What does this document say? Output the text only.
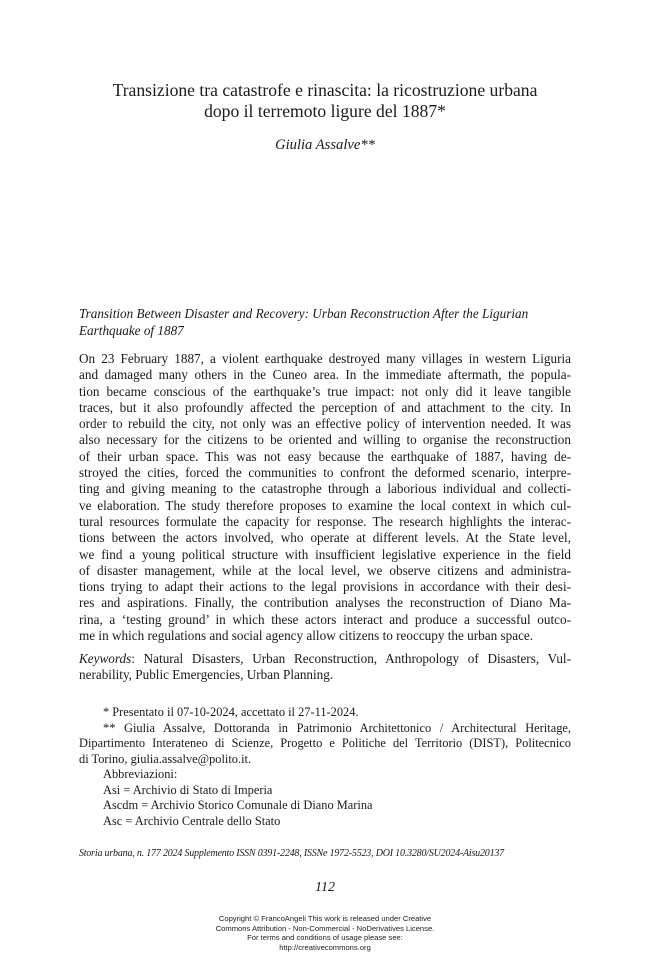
Transizione tra catastrofe e rinascita: la ricostruzione urbana
dopo il terremoto ligure del 1887*
Giulia Assalve**
Transition Between Disaster and Recovery: Urban Reconstruction After the Ligurian
Earthquake of 1887
On 23 February 1887, a violent earthquake destroyed many villages in western Liguria
and damaged many others in the Cuneo area. In the immediate aftermath, the popula-
tion became conscious of the earthquake’s true impact: not only did it leave tangible
traces, but it also profoundly affected the perception of and attachment to the city. In
order to rebuild the city, not only was an effective policy of intervention needed. It was
also necessary for the citizens to be oriented and willing to organise the reconstruction
of their urban space. This was not easy because the earthquake of 1887, having de-
stroyed the cities, forced the communities to confront the deformed scenario, interpre-
ting and giving meaning to the catastrophe through a laborious individual and collecti-
ve elaboration. The study therefore proposes to examine the local context in which cul-
tural resources formulate the capacity for response. The research highlights the interac-
tions between the actors involved, who operate at different levels. At the State level,
we find a young political structure with insufficient legislative experience in the field
of disaster management, while at the local level, we observe citizens and administra-
tions trying to adapt their actions to the legal provisions in accordance with their desi-
res and aspirations. Finally, the contribution analyses the reconstruction of Diano Ma-
rina, a ‘testing ground’ in which these actors interact and produce a successful outco-
me in which regulations and social agency allow citizens to reoccupy the urban space.
Keywords: Natural Disasters, Urban Reconstruction, Anthropology of Disasters, Vul-
nerability, Public Emergencies, Urban Planning.
* Presentato il 07-10-2024, accettato il 27-11-2024.
** Giulia Assalve, Dottoranda in Patrimonio Architettonico / Architectural Heritage,
Dipartimento Interateneo di Scienze, Progetto e Politiche del Territorio (DIST), Politecnico
di Torino, giulia.assalve@polito.it.
Abbreviazioni:
Asi = Archivio di Stato di Imperia
Ascdm = Archivio Storico Comunale di Diano Marina
Asc = Archivio Centrale dello Stato
Storia urbana, n. 177 2024 Supplemento ISSN 0391-2248, ISSNe 1972-5523, DOI 10.3280/SU2024-Aisu20137
112
Copyright © FrancoAngeli This work is released under Creative
Commons Attribution - Non-Commercial - NoDerivatives License.
For terms and conditions of usage please see:
http://creativecommons.org
